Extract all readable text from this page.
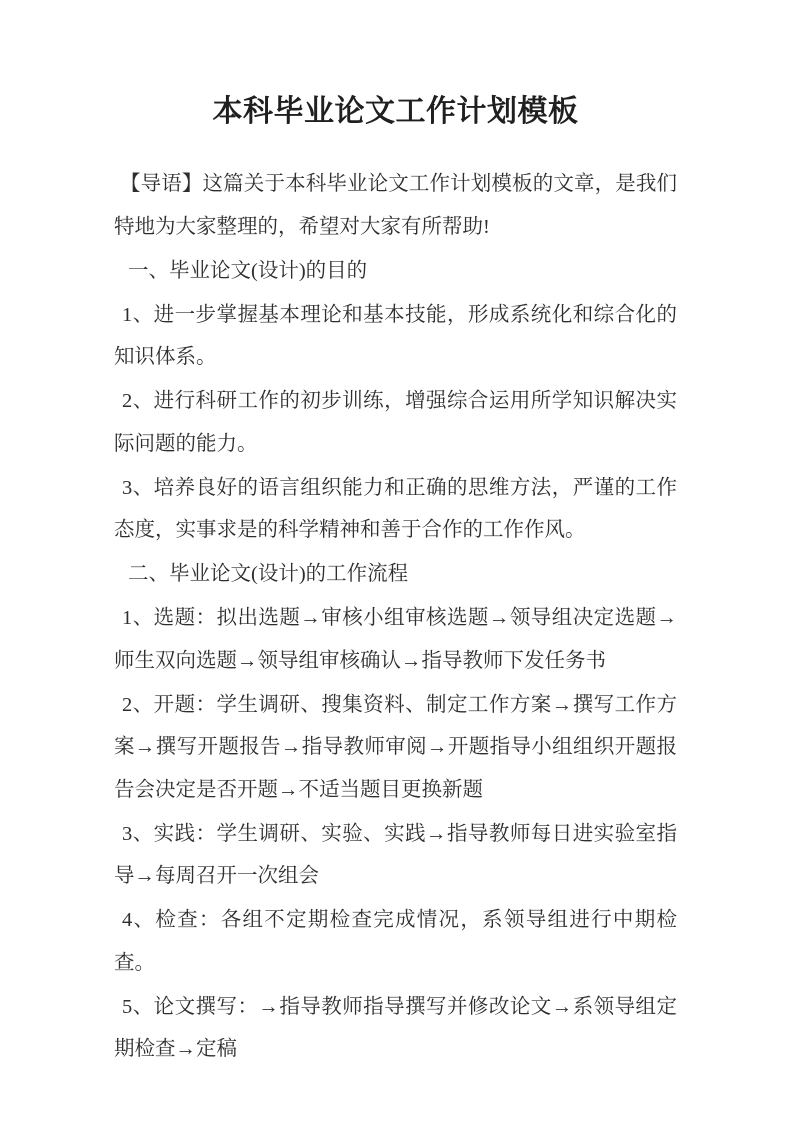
本科毕业论文工作计划模板

【导语】这篇关于本科毕业论文工作计划模板的文章，是我们特地为大家整理的，希望对大家有所帮助!

一、毕业论文(设计)的目的

1、进一步掌握基本理论和基本技能，形成系统化和综合化的知识体系。

2、进行科研工作的初步训练，增强综合运用所学知识解决实际问题的能力。

3、培养良好的语言组织能力和正确的思维方法，严谨的工作态度，实事求是的科学精神和善于合作的工作作风。

二、毕业论文(设计)的工作流程

1、选题：拟出选题→审核小组审核选题→领导组决定选题→师生双向选题→领导组审核确认→指导教师下发任务书

2、开题：学生调研、搜集资料、制定工作方案→撰写工作方案→撰写开题报告→指导教师审阅→开题指导小组组织开题报告会决定是否开题→不适当题目更换新题

3、实践：学生调研、实验、实践→指导教师每日进实验室指导→每周召开一次组会

4、检查：各组不定期检查完成情况，系领导组进行中期检查。

5、论文撰写：→指导教师指导撰写并修改论文→系领导组定期检查→定稿
